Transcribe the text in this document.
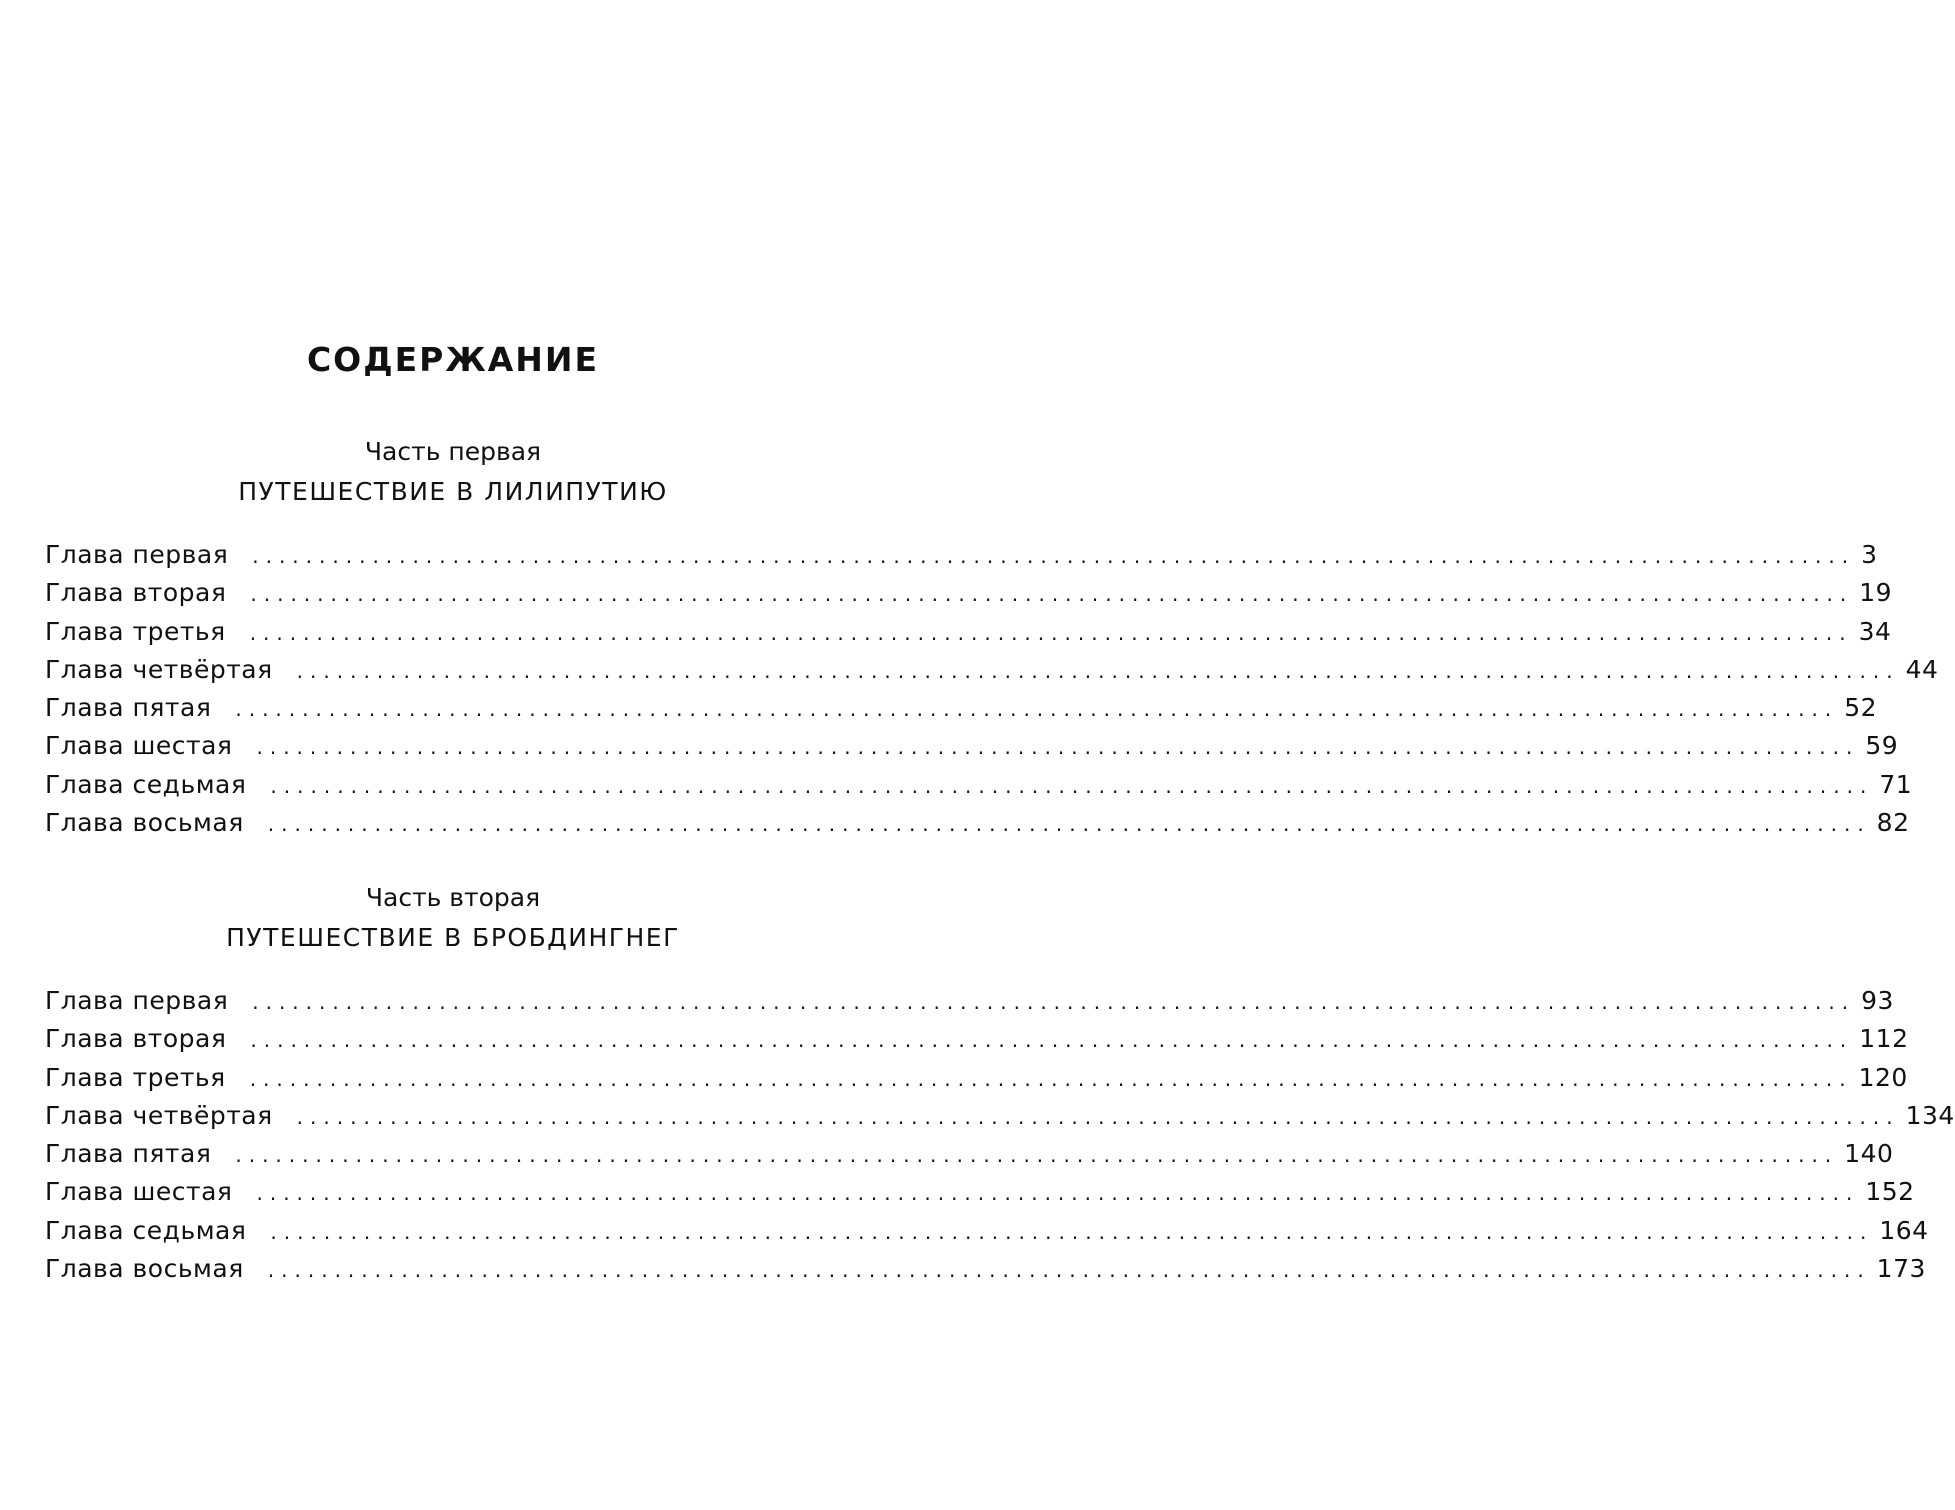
СОДЕРЖАНИЕ
Часть первая
ПУТЕШЕСТВИЕ В ЛИЛИПУТИЮ
Глава первая ........................................................................................................................ 3
Глава вторая ........................................................................................................................ 19
Глава третья ........................................................................................................................ 34
Глава четвёртая ........................................................................................................................ 44
Глава пятая ........................................................................................................................ 52
Глава шестая ........................................................................................................................ 59
Глава седьмая ........................................................................................................................ 71
Глава восьмая ........................................................................................................................ 82
Часть вторая
ПУТЕШЕСТВИЕ В БРОБДИНГНЕГ
Глава первая ........................................................................................................................ 93
Глава вторая ........................................................................................................................ 112
Глава третья ........................................................................................................................ 120
Глава четвёртая ........................................................................................................................ 134
Глава пятая ........................................................................................................................ 140
Глава шестая ........................................................................................................................ 152
Глава седьмая ........................................................................................................................ 164
Глава восьмая ........................................................................................................................ 173
